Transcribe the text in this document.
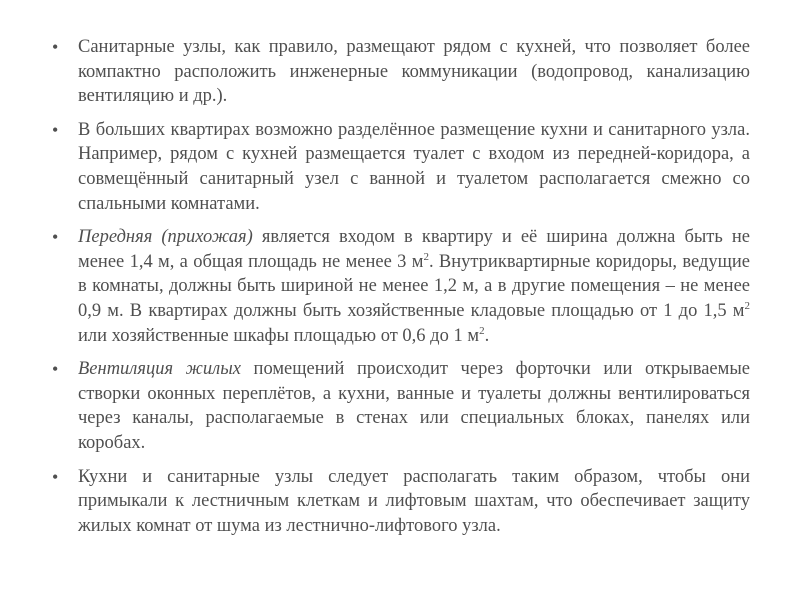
• Санитарные узлы, как правило, размещают рядом с кухней, что позволяет более компактно расположить инженерные коммуникации (водопровод, канализацию вентиляцию и др.).
• В больших квартирах возможно разделённое размещение кухни и санитарного узла. Например, рядом с кухней размещается туалет с входом из передней-коридора, а совмещённый санитарный узел с ванной и туалетом располагается смежно со спальными комнатами.
• Передняя (прихожая) является входом в квартиру и её ширина должна быть не менее 1,4 м, а общая площадь не менее 3 $м^2$. Внутриквартирные коридоры, ведущие в комнаты, должны быть шириной не менее 1,2 м, а в другие помещения – не менее 0,9 м. В квартирах должны быть хозяйственные кладовые площадью от 1 до 1,5 $м^2$ или хозяйственные шкафы площадью от 0,6 до 1 $м^2$.
• Вентиляция жилых помещений происходит через форточки или открываемые створки оконных переплётов, а кухни, ванные и туалеты должны вентилироваться через каналы, располагаемые в стенах или специальных блоках, панелях или коробах.
• Кухни и санитарные узлы следует располагать таким образом, чтобы они примыкали к лестничным клеткам и лифтовым шахтам, что обеспечивает защиту жилых комнат от шума из лестнично-лифтового узла.
